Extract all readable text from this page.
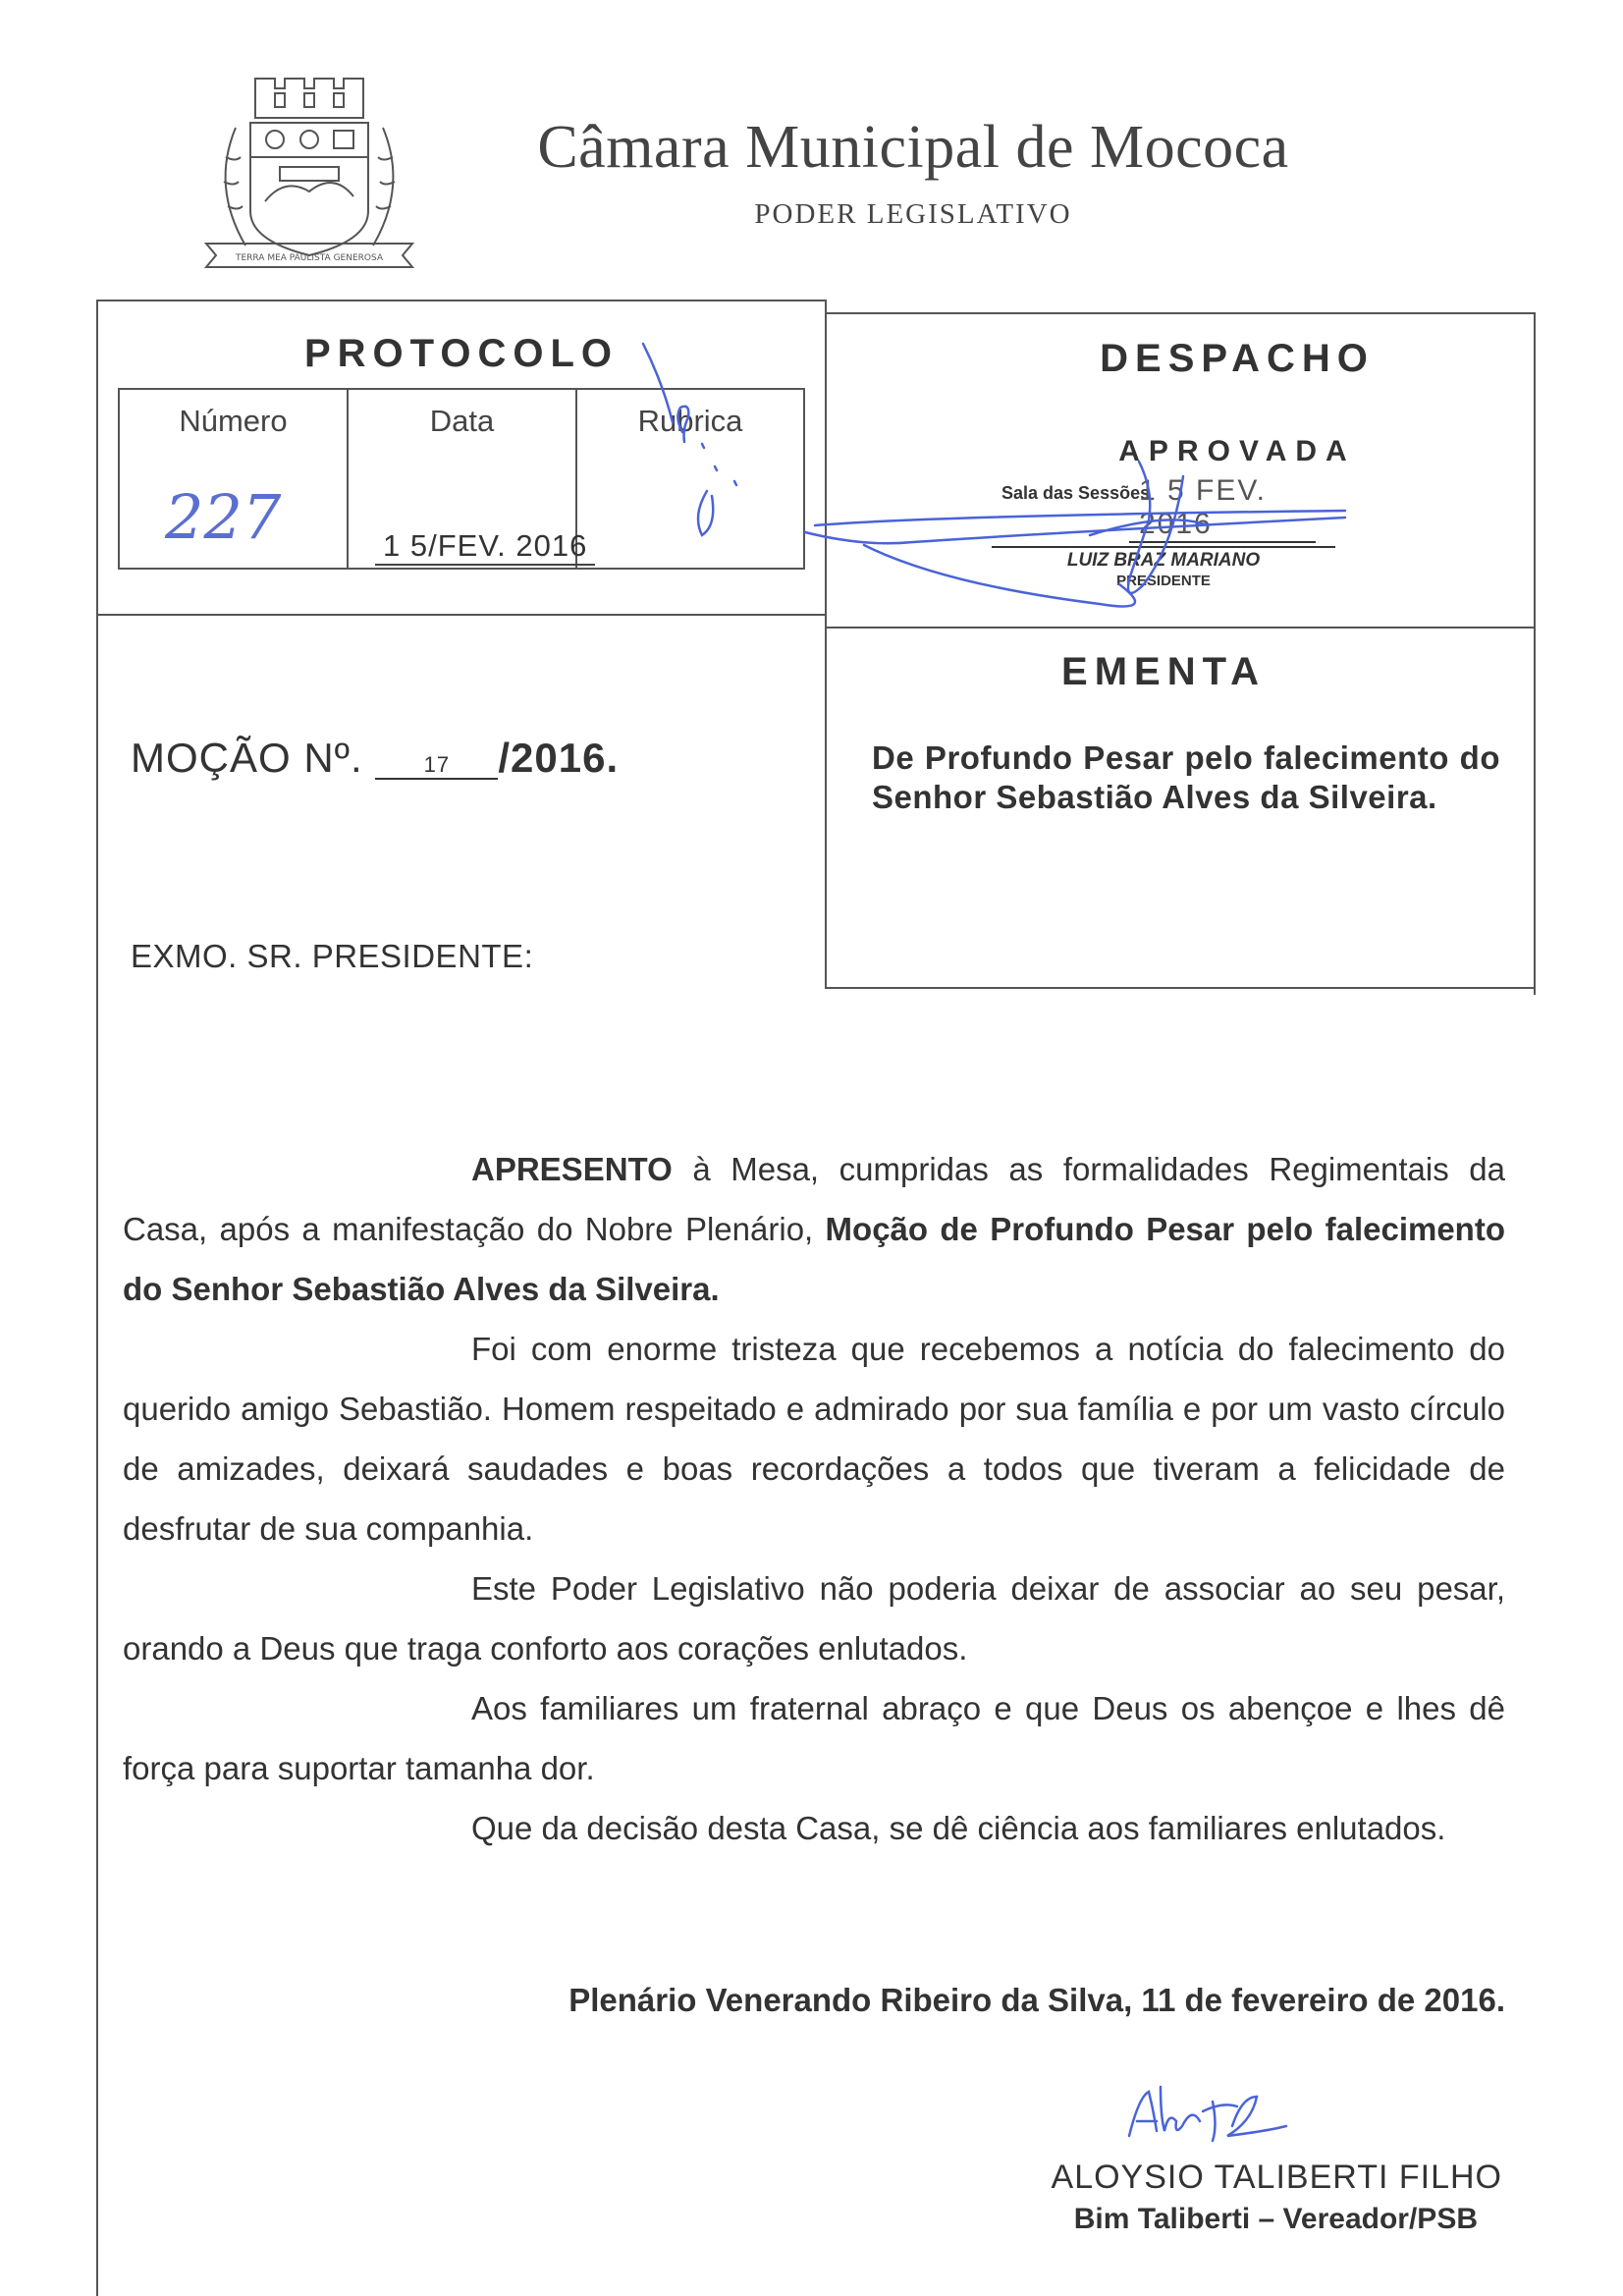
TERRA MEA PAULISTA GENEROSA
Câmara Municipal de Mococa
PODER LEGISLATIVO
PROTOCOLO
Número	Data	Rubrica
227	1 5/FEV. 2016
DESPACHO
APROVADA
Sala das Sessões
1 5 FEV. 2016
LUIZ BRAZ MARIANO
PRESIDENTE
EMENTA
De Profundo Pesar pelo falecimento do Senhor Sebastião Alves da Silveira.
MOÇÃO Nº.	17 /2016.
EXMO. SR. PRESIDENTE:

APRESENTO à Mesa, cumpridas as formalidades Regimentais da Casa, após a manifestação do Nobre Plenário, Moção de Profundo Pesar pelo falecimento do Senhor Sebastião Alves da Silveira.

Foi com enorme tristeza que recebemos a notícia do falecimento do querido amigo Sebastião. Homem respeitado e admirado por sua família e por um vasto círculo de amizades, deixará saudades e boas recordações a todos que tiveram a felicidade de desfrutar de sua companhia.

Este Poder Legislativo não poderia deixar de associar ao seu pesar, orando a Deus que traga conforto aos corações enlutados.

Aos familiares um fraternal abraço e que Deus os abençoe e lhes dê força para suportar tamanha dor.

Que da decisão desta Casa, se dê ciência aos familiares enlutados.

Plenário Venerando Ribeiro da Silva, 11 de fevereiro de 2016.
ALOYSIO TALIBERTI FILHO
Bim Taliberti – Vereador/PSB
